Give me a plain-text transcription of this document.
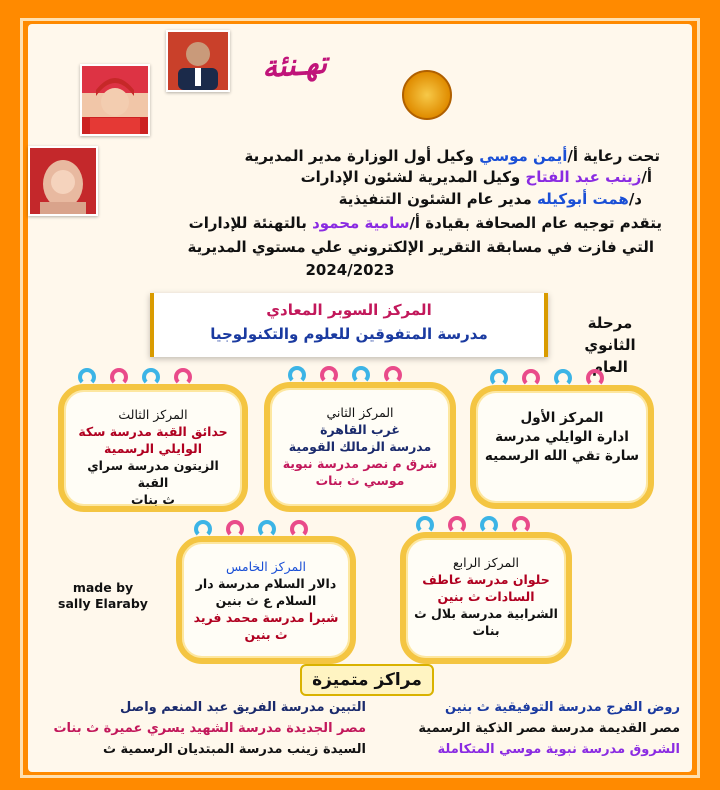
تهـنئة
تحت رعاية أ/أيمن موسي وكيل أول الوزارة مدير المديرية
أ/زينب عبد الفتاح وكيل المديرية لشئون الإدارات
د/همت أبوكيله مدير عام الشئون التنفيذية
يتقدم توجيه عام الصحافة بقيادة أ/سامية محمود بالتهنئة للإدارات
التي فازت في مسابقة التقرير الإلكتروني علي مستوي المديرية
2024/2023
المركز السوبر المعادي
مدرسة المتفوقين للعلوم والتكنولوجيا
مرحلة الثانوي
العام
المركز الأول
ادارة الوايلي مدرسة
سارة تقي الله الرسميه
المركز الثاني
غرب القاهرة
مدرسة الزمالك القومية
شرق م نصر مدرسة نبوية
موسي ث بنات
المركز الثالث
حدائق القبة مدرسة سكة
الوايلي الرسمية
الزيتون مدرسة سراي القبة
ث بنات
المركز الرابع
حلوان مدرسة عاطف
السادات ث بنين
الشرابية مدرسة بلال ث
بنات
المركز الخامس
دالار السلام مدرسة دار
السلام ع ث بنين
شبرا مدرسة محمد فريد
ث بنين
made by
sally Elaraby
مراكز متميزة
التبين مدرسة الفريق عبد المنعم واصل
مصر الجديدة مدرسة الشهيد يسري عميرة ث بنات
السيدة زينب مدرسة المبتديان الرسمية ث
روض الفرج مدرسة التوفيقية ث بنين
مصر القديمة مدرسة مصر الذكية الرسمية
الشروق مدرسة نبوية موسي المتكاملة
